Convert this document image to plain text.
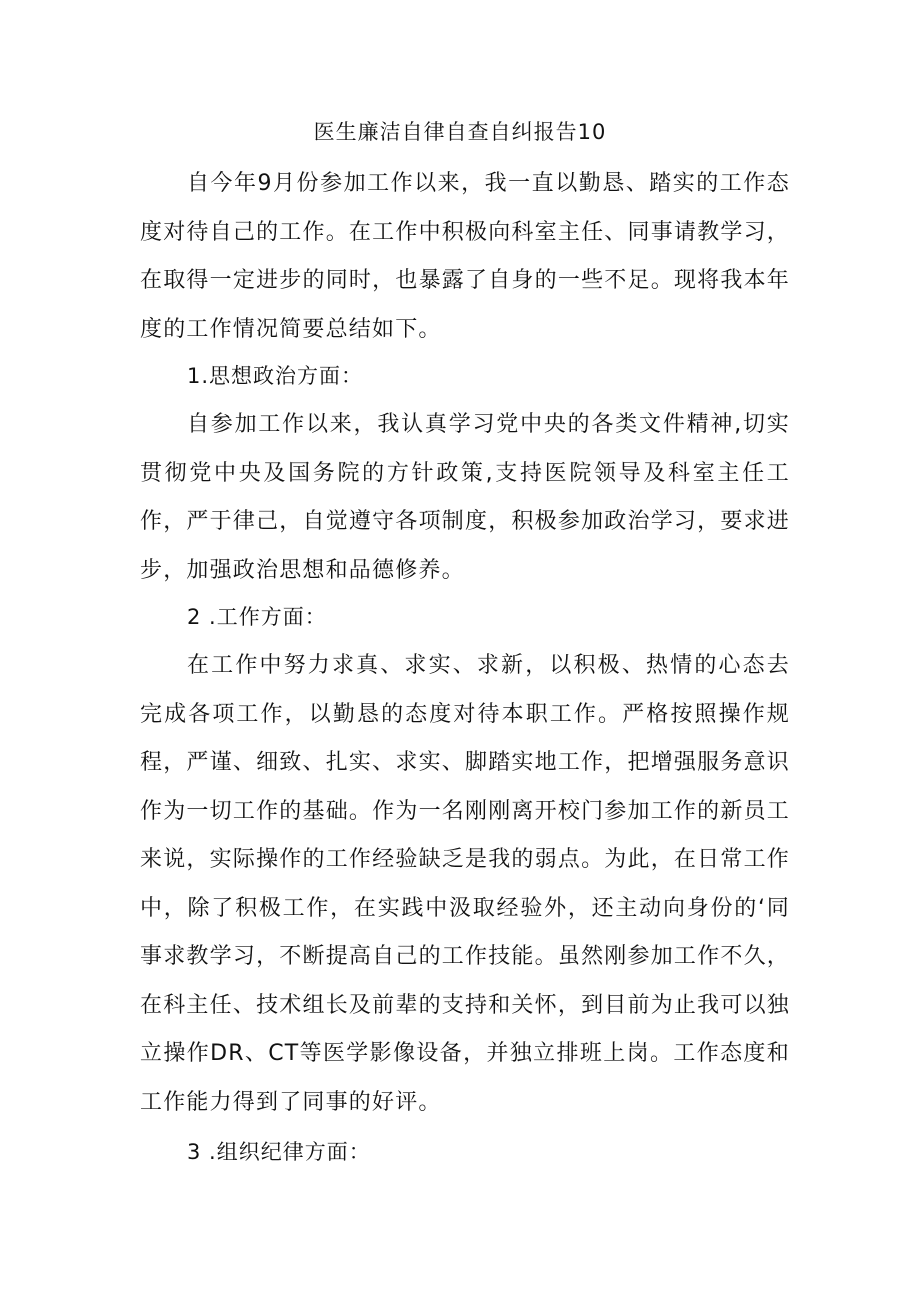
医生廉洁自律自查自纠报告10

自今年9月份参加工作以来，我一直以勤恳、踏实的工作态度对待自己的工作。在工作中积极向科室主任、同事请教学习，在取得一定进步的同时，也暴露了自身的一些不足。现将我本年度的工作情况简要总结如下。

1.思想政治方面：

自参加工作以来，我认真学习党中央的各类文件精神,切实贯彻党中央及国务院的方针政策,支持医院领导及科室主任工作，严于律己，自觉遵守各项制度，积极参加政治学习，要求进步，加强政治思想和品德修养。

2 .工作方面：

在工作中努力求真、求实、求新，以积极、热情的心态去完成各项工作，以勤恳的态度对待本职工作。严格按照操作规程，严谨、细致、扎实、求实、脚踏实地工作，把增强服务意识作为一切工作的基础。作为一名刚刚离开校门参加工作的新员工来说，实际操作的工作经验缺乏是我的弱点。为此，在日常工作中，除了积极工作，在实践中汲取经验外，还主动向身份的‘同事求教学习，不断提高自己的工作技能。虽然刚参加工作不久，在科主任、技术组长及前辈的支持和关怀，到目前为止我可以独立操作DR、CT等医学影像设备，并独立排班上岗。工作态度和工作能力得到了同事的好评。

3 .组织纪律方面：
